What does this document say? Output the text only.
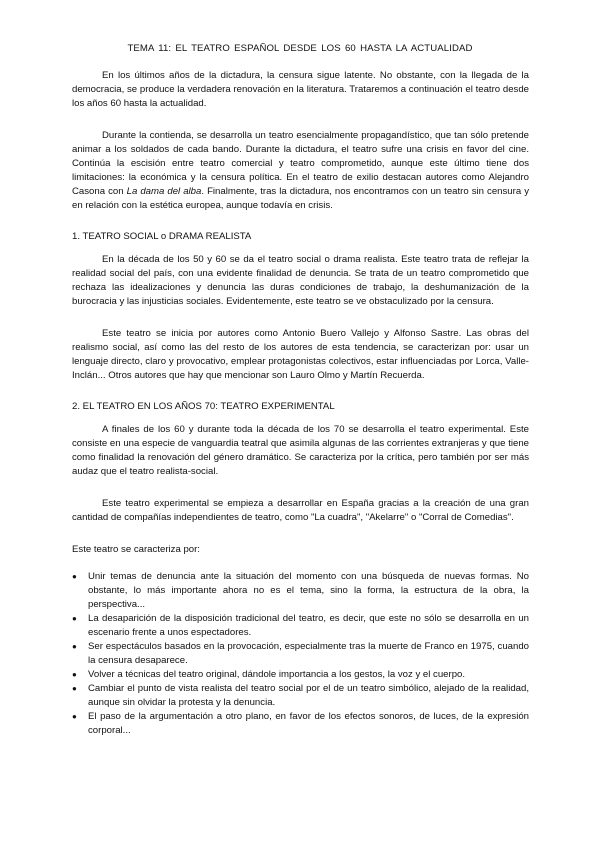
TEMA 11: EL TEATRO ESPAÑOL DESDE LOS 60 HASTA LA ACTUALIDAD

En los últimos años de la dictadura, la censura sigue latente. No obstante, con la llegada de la democracia, se produce la verdadera renovación en la literatura. Trataremos a continuación el teatro desde los años 60 hasta la actualidad.

Durante la contienda, se desarrolla un teatro esencialmente propagandístico, que tan sólo pretende animar a los soldados de cada bando. Durante la dictadura, el teatro sufre una crisis en favor del cine. Continúa la escisión entre teatro comercial y teatro comprometido, aunque este último tiene dos limitaciones: la económica y la censura política. En el teatro de exilio destacan autores como Alejandro Casona con La dama del alba. Finalmente, tras la dictadura, nos encontramos con un teatro sin censura y en relación con la estética europea, aunque todavía en crisis.

1. TEATRO SOCIAL o DRAMA REALISTA

En la década de los 50 y 60 se da el teatro social o drama realista. Este teatro trata de reflejar la realidad social del país, con una evidente finalidad de denuncia. Se trata de un teatro comprometido que rechaza las idealizaciones y denuncia las duras condiciones de trabajo, la deshumanización de la burocracia y las injusticias sociales. Evidentemente, este teatro se ve obstaculizado por la censura.

Este teatro se inicia por autores como Antonio Buero Vallejo y Alfonso Sastre. Las obras del realismo social, así como las del resto de los autores de esta tendencia, se caracterizan por: usar un lenguaje directo, claro y provocativo, emplear protagonistas colectivos, estar influenciadas por Lorca, Valle-Inclán... Otros autores que hay que mencionar son Lauro Olmo y Martín Recuerda.

2. EL TEATRO EN LOS AÑOS 70: TEATRO EXPERIMENTAL

A finales de los 60 y durante toda la década de los 70 se desarrolla el teatro experimental. Este consiste en una especie de vanguardia teatral que asimila algunas de las corrientes extranjeras y que tiene como finalidad la renovación del género dramático. Se caracteriza por la crítica, pero también por ser más audaz que el teatro realista-social.

Este teatro experimental se empieza a desarrollar en España gracias a la creación de una gran cantidad de compañías independientes de teatro, como "La cuadra", "Akelarre" o "Corral de Comedias".

Este teatro se caracteriza por:

● Unir temas de denuncia ante la situación del momento con una búsqueda de nuevas formas. No obstante, lo más importante ahora no es el tema, sino la forma, la estructura de la obra, la perspectiva...
● La desaparición de la disposición tradicional del teatro, es decir, que este no sólo se desarrolla en un escenario frente a unos espectadores.
● Ser espectáculos basados en la provocación, especialmente tras la muerte de Franco en 1975, cuando la censura desaparece.
● Volver a técnicas del teatro original, dándole importancia a los gestos, la voz y el cuerpo.
● Cambiar el punto de vista realista del teatro social por el de un teatro simbólico, alejado de la realidad, aunque sin olvidar la protesta y la denuncia.
● El paso de la argumentación a otro plano, en favor de los efectos sonoros, de luces, de la expresión corporal...
